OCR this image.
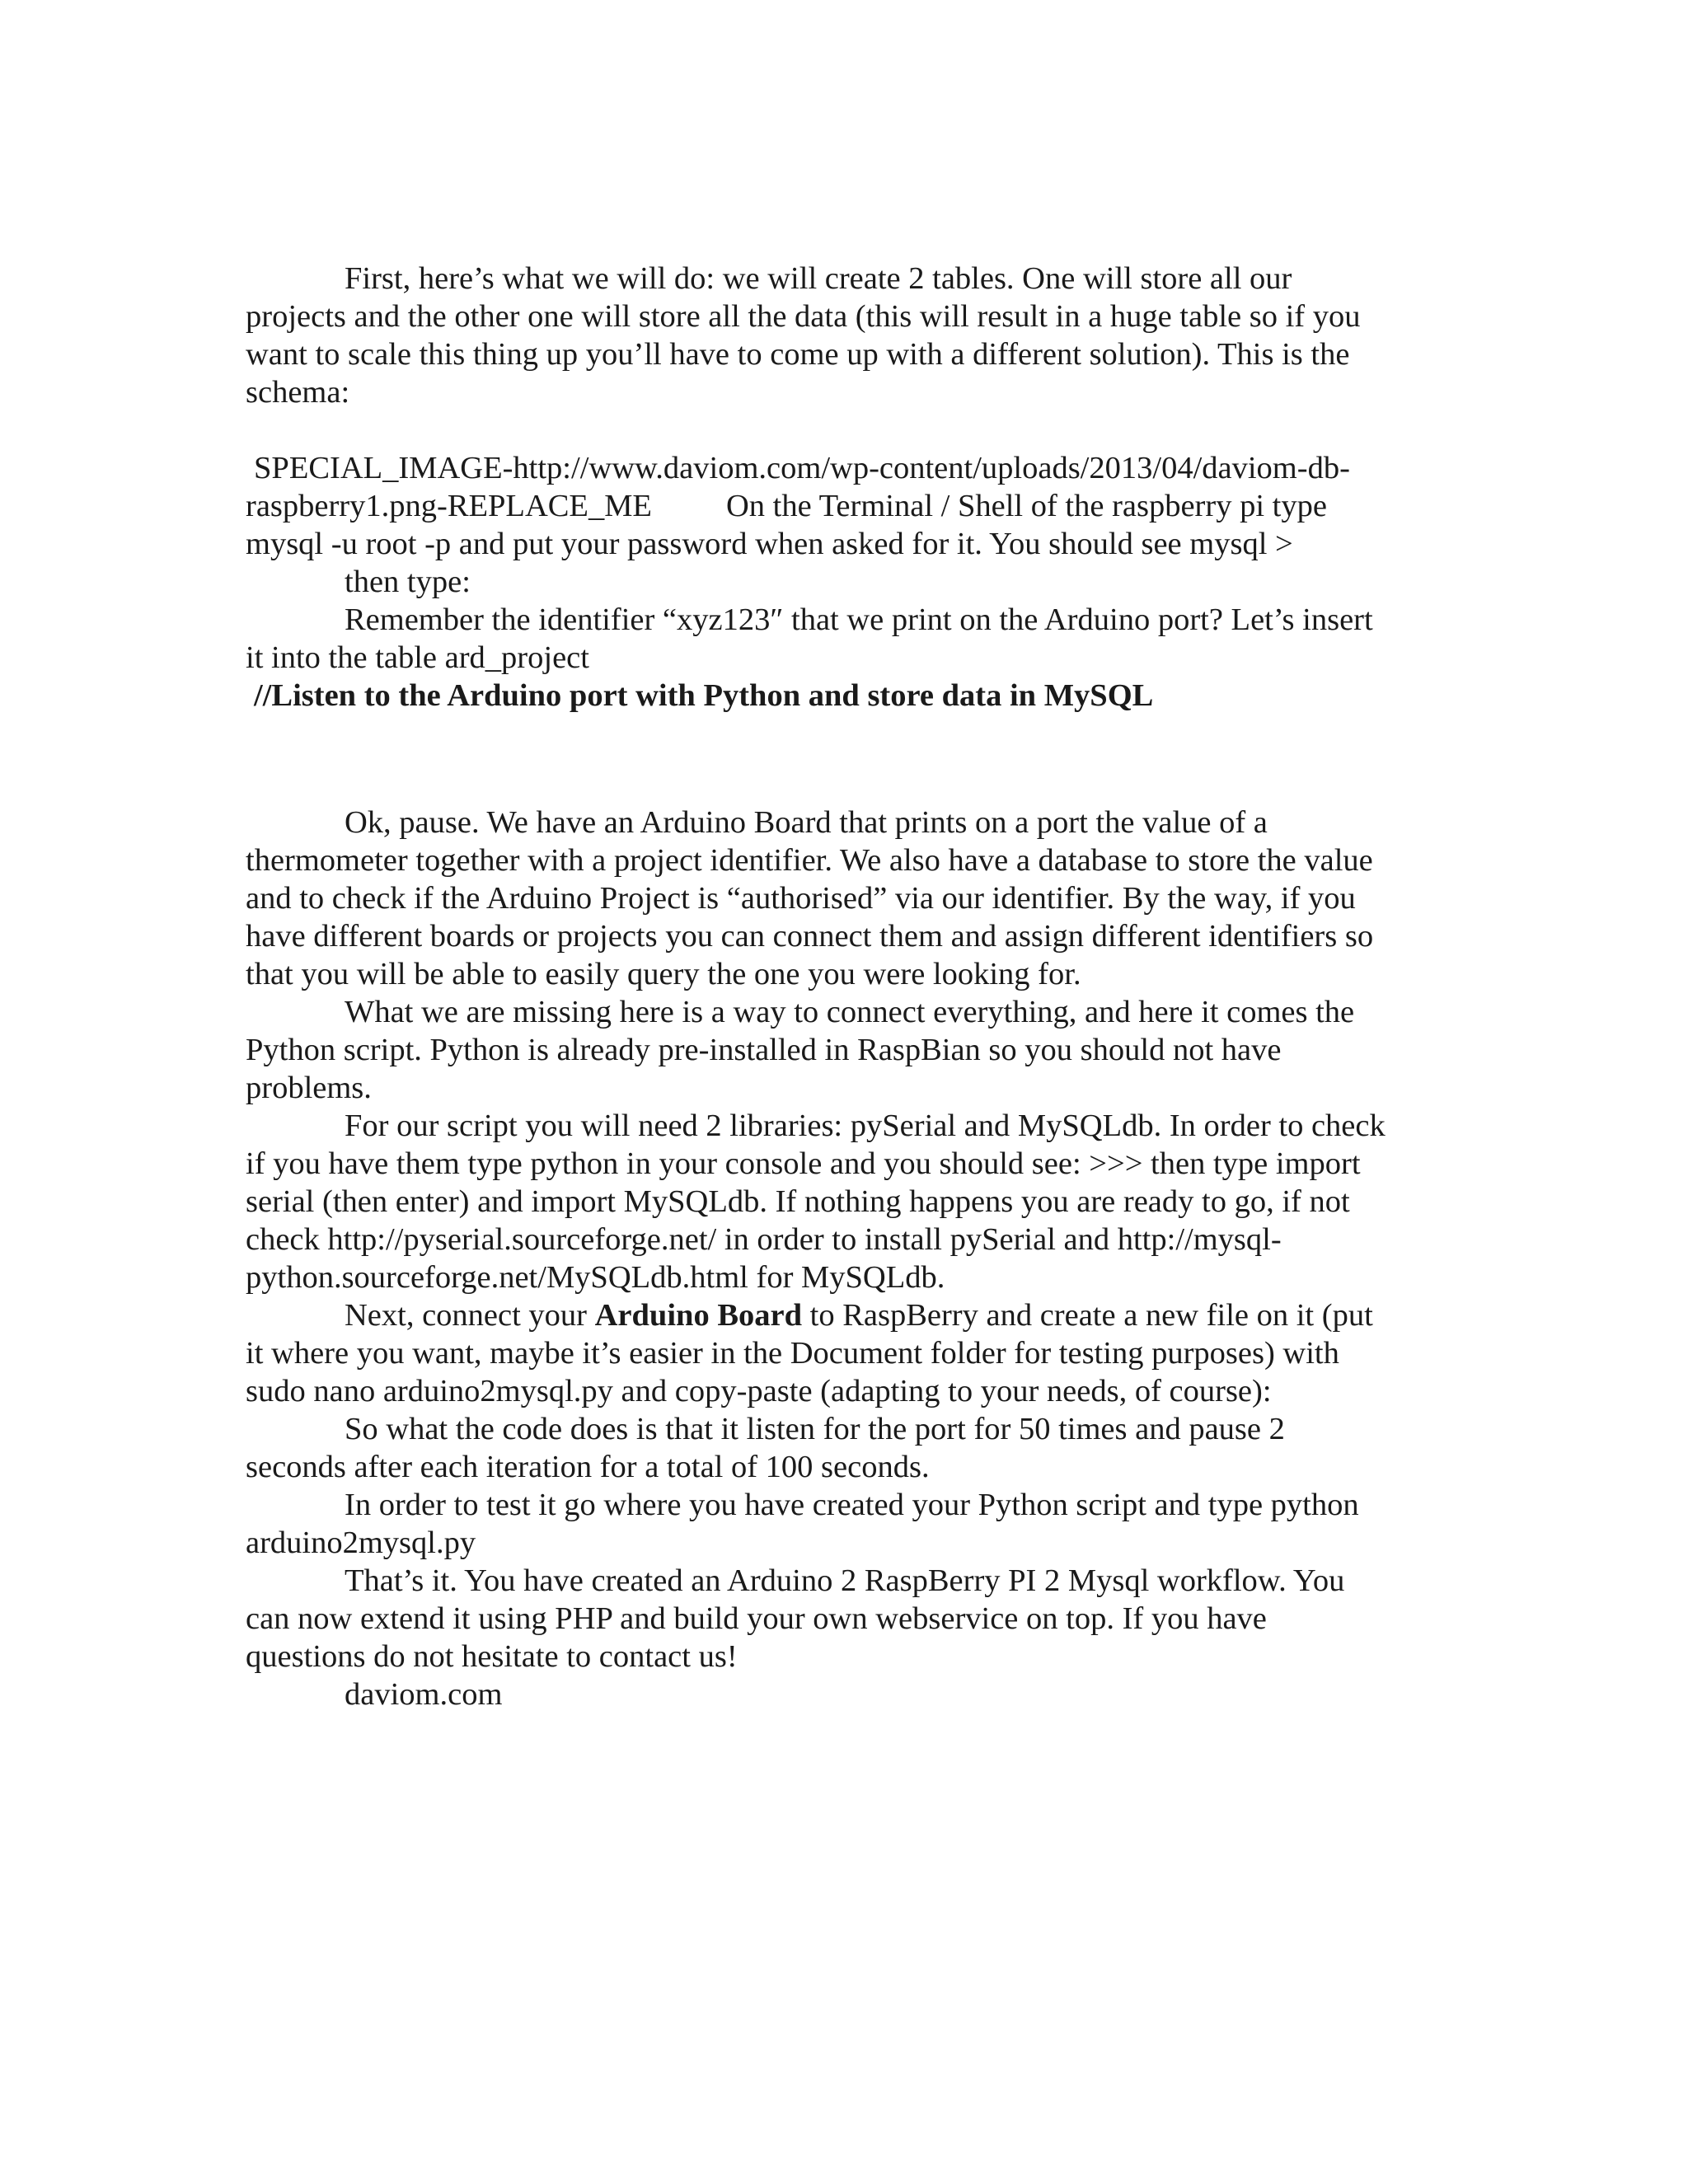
First, here’s what we will do: we will create 2 tables. One will store all our
projects and the other one will store all the data (this will result in a huge table so if you
want to scale this thing up you’ll have to come up with a different solution). This is the
schema:
SPECIAL_IMAGE-http://www.daviom.com/wp-content/uploads/2013/04/daviom-db-
raspberry1.png-REPLACE_ME On the Terminal / Shell of the raspberry pi type
mysql -u root -p and put your password when asked for it. You should see mysql >
then type:
Remember the identifier “xyz123″ that we print on the Arduino port? Let’s insert
it into the table ard_project
//Listen to the Arduino port with Python and store data in MySQL
Ok, pause. We have an Arduino Board that prints on a port the value of a
thermometer together with a project identifier. We also have a database to store the value
and to check if the Arduino Project is “authorised” via our identifier. By the way, if you
have different boards or projects you can connect them and assign different identifiers so
that you will be able to easily query the one you were looking for.
What we are missing here is a way to connect everything, and here it comes the
Python script. Python is already pre-installed in RaspBian so you should not have
problems.
For our script you will need 2 libraries: pySerial and MySQLdb. In order to check
if you have them type python in your console and you should see: >>> then type import
serial (then enter) and import MySQLdb. If nothing happens you are ready to go, if not
check http://pyserial.sourceforge.net/ in order to install pySerial and http://mysql-
python.sourceforge.net/MySQLdb.html for MySQLdb.
Next, connect your Arduino Board to RaspBerry and create a new file on it (put
it where you want, maybe it’s easier in the Document folder for testing purposes) with
sudo nano arduino2mysql.py and copy-paste (adapting to your needs, of course):
So what the code does is that it listen for the port for 50 times and pause 2
seconds after each iteration for a total of 100 seconds.
In order to test it go where you have created your Python script and type python
arduino2mysql.py
That’s it. You have created an Arduino 2 RaspBerry PI 2 Mysql workflow. You
can now extend it using PHP and build your own webservice on top. If you have
questions do not hesitate to contact us!
daviom.com
